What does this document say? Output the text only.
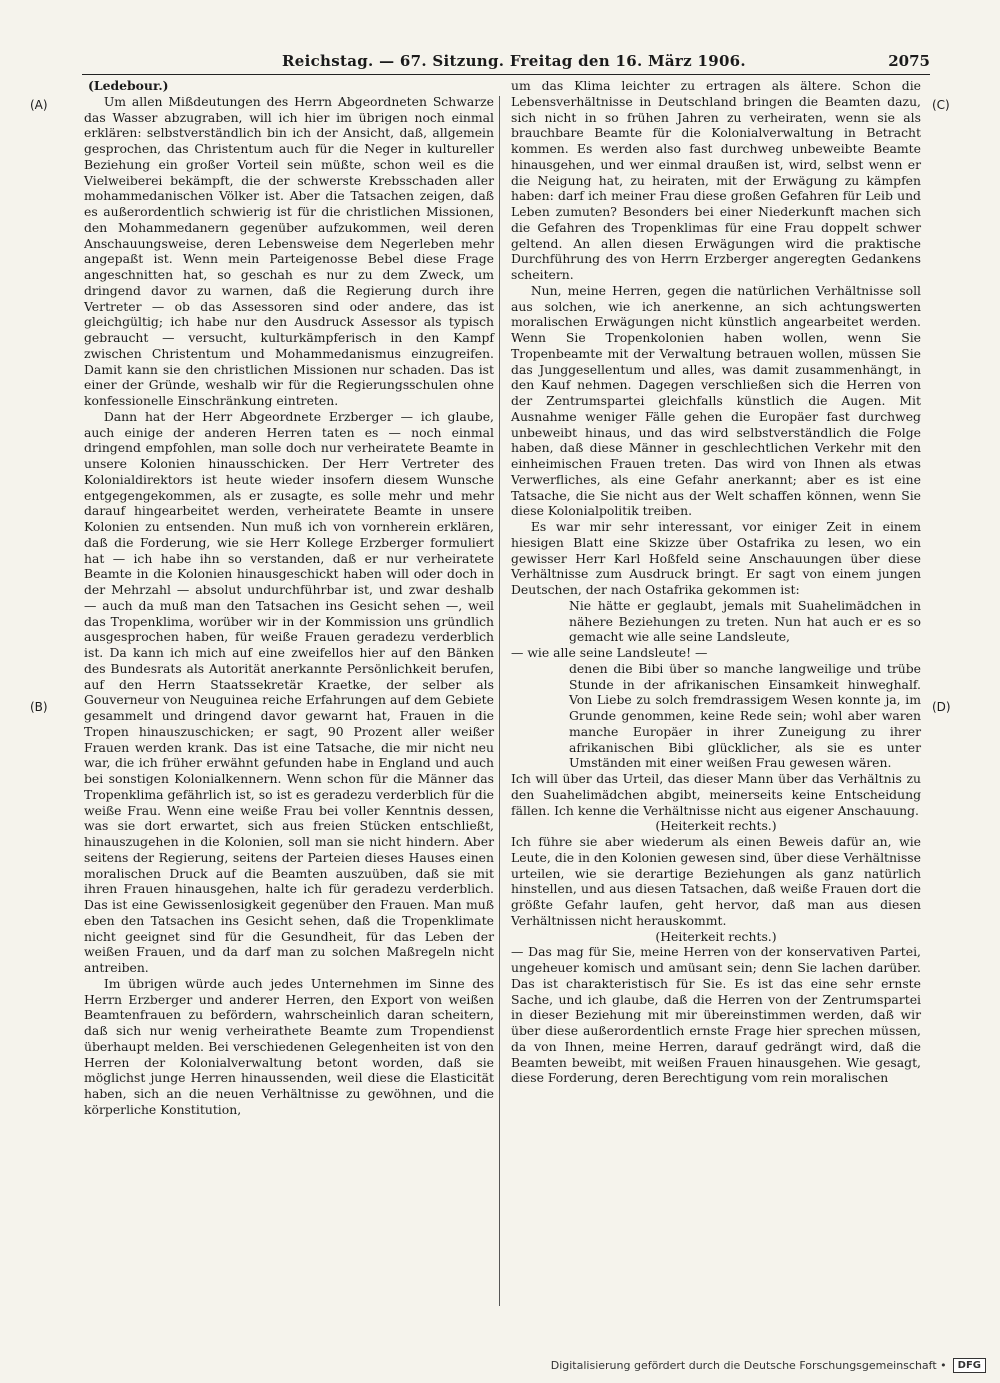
Reichstag. — 67. Sitzung. Freitag den 16. März 1906.	2075
(A)
(B)
(C)
(D)

(Ledebour.)

Um allen Mißdeutungen des Herrn Abgeordneten Schwarze das Wasser abzugraben, will ich hier im übrigen noch einmal erklären: selbstverständlich bin ich der Ansicht, daß, allgemein gesprochen, das Christentum auch für die Neger in kultureller Beziehung ein großer Vorteil sein müßte, schon weil es die Vielweiberei bekämpft, die der schwerste Krebsschaden aller mohammedanischen Völker ist. Aber die Tatsachen zeigen, daß es außerordentlich schwierig ist für die christlichen Missionen, den Mohammedanern gegenüber aufzukommen, weil deren Anschauungsweise, deren Lebensweise dem Negerleben mehr angepaßt ist. Wenn mein Parteigenosse Bebel diese Frage angeschnitten hat, so geschah es nur zu dem Zweck, um dringend davor zu warnen, daß die Regierung durch ihre Vertreter — ob das Assessoren sind oder andere, das ist gleichgültig; ich habe nur den Ausdruck Assessor als typisch gebraucht — versucht, kulturkämpferisch in den Kampf zwischen Christentum und Mohammedanismus einzugreifen. Damit kann sie den christlichen Missionen nur schaden. Das ist einer der Gründe, weshalb wir für die Regierungsschulen ohne konfessionelle Einschränkung eintreten.

Dann hat der Herr Abgeordnete Erzberger — ich glaube, auch einige der anderen Herren taten es — noch einmal dringend empfohlen, man solle doch nur verheiratete Beamte in unsere Kolonien hinausschicken. Der Herr Vertreter des Kolonialdirektors ist heute wieder insofern diesem Wunsche entgegengekommen, als er zusagte, es solle mehr und mehr darauf hingearbeitet werden, verheiratete Beamte in unsere Kolonien zu entsenden. Nun muß ich von vornherein erklären, daß die Forderung, wie sie Herr Kollege Erzberger formuliert hat — ich habe ihn so verstanden, daß er nur verheiratete Beamte in die Kolonien hinausgeschickt haben will oder doch in der Mehrzahl — absolut undurchführbar ist, und zwar deshalb — auch da muß man den Tatsachen ins Gesicht sehen —, weil das Tropenklima, worüber wir in der Kommission uns gründlich ausgesprochen haben, für weiße Frauen geradezu verderblich ist. Da kann ich mich auf eine zweifellos hier auf den Bänken des Bundesrats als Autorität anerkannte Persönlichkeit berufen, auf den Herrn Staatssekretär Kraetke, der selber als Gouverneur von Neuguinea reiche Erfahrungen auf dem Gebiete gesammelt und dringend davor gewarnt hat, Frauen in die Tropen hinauszuschicken; er sagt, 90 Prozent aller weißer Frauen werden krank. Das ist eine Tatsache, die mir nicht neu war, die ich früher erwähnt gefunden habe in England und auch bei sonstigen Kolonialkennern. Wenn schon für die Männer das Tropenklima gefährlich ist, so ist es geradezu verderblich für die weiße Frau. Wenn eine weiße Frau bei voller Kenntnis dessen, was sie dort erwartet, sich aus freien Stücken entschließt, hinauszugehen in die Kolonien, soll man sie nicht hindern. Aber seitens der Regierung, seitens der Parteien dieses Hauses einen moralischen Druck auf die Beamten auszuüben, daß sie mit ihren Frauen hinausgehen, halte ich für geradezu verderblich. Das ist eine Gewissenlosigkeit gegenüber den Frauen. Man muß eben den Tatsachen ins Gesicht sehen, daß die Tropenklimate nicht geeignet sind für die Gesundheit, für das Leben der weißen Frauen, und da darf man zu solchen Maßregeln nicht antreiben.

Im übrigen würde auch jedes Unternehmen im Sinne des Herrn Erzberger und anderer Herren, den Export von weißen Beamtenfrauen zu befördern, wahrscheinlich daran scheitern, daß sich nur wenig verheirathete Beamte zum Tropendienst überhaupt melden. Bei verschiedenen Gelegenheiten ist von den Herren der Kolonialverwaltung betont worden, daß sie möglichst junge Herren hinaussenden, weil diese die Elasticität haben, sich an die neuen Verhältnisse zu gewöhnen, und die körperliche Konstitution,

um das Klima leichter zu ertragen als ältere. Schon die Lebensverhältnisse in Deutschland bringen die Beamten dazu, sich nicht in so frühen Jahren zu verheiraten, wenn sie als brauchbare Beamte für die Kolonialverwaltung in Betracht kommen. Es werden also fast durchweg unbeweibte Beamte hinausgehen, und wer einmal draußen ist, wird, selbst wenn er die Neigung hat, zu heiraten, mit der Erwägung zu kämpfen haben: darf ich meiner Frau diese großen Gefahren für Leib und Leben zumuten? Besonders bei einer Niederkunft machen sich die Gefahren des Tropenklimas für eine Frau doppelt schwer geltend. An allen diesen Erwägungen wird die praktische Durchführung des von Herrn Erzberger angeregten Gedankens scheitern.

Nun, meine Herren, gegen die natürlichen Verhältnisse soll aus solchen, wie ich anerkenne, an sich achtungswerten moralischen Erwägungen nicht künstlich angearbeitet werden. Wenn Sie Tropenkolonien haben wollen, wenn Sie Tropenbeamte mit der Verwaltung betrauen wollen, müssen Sie das Junggesellentum und alles, was damit zusammenhängt, in den Kauf nehmen. Dagegen verschließen sich die Herren von der Zentrumspartei gleichfalls künstlich die Augen. Mit Ausnahme weniger Fälle gehen die Europäer fast durchweg unbeweibt hinaus, und das wird selbstverständlich die Folge haben, daß diese Männer in geschlechtlichen Verkehr mit den einheimischen Frauen treten. Das wird von Ihnen als etwas Verwerfliches, als eine Gefahr anerkannt; aber es ist eine Tatsache, die Sie nicht aus der Welt schaffen können, wenn Sie diese Kolonialpolitik treiben.

Es war mir sehr interessant, vor einiger Zeit in einem hiesigen Blatt eine Skizze über Ostafrika zu lesen, wo ein gewisser Herr Karl Hoßfeld seine Anschauungen über diese Verhältnisse zum Ausdruck bringt. Er sagt von einem jungen Deutschen, der nach Ostafrika gekommen ist:

Nie hätte er geglaubt, jemals mit Suahelimädchen in nähere Beziehungen zu treten. Nun hat auch er es so gemacht wie alle seine Landsleute,

— wie alle seine Landsleute! —

denen die Bibi über so manche langweilige und trübe Stunde in der afrikanischen Einsamkeit hinweghalf. Von Liebe zu solch fremdrassigem Wesen konnte ja, im Grunde genommen, keine Rede sein; wohl aber waren manche Europäer in ihrer Zuneigung zu ihrer afrikanischen Bibi glücklicher, als sie es unter Umständen mit einer weißen Frau gewesen wären.

Ich will über das Urteil, das dieser Mann über das Verhältnis zu den Suahelimädchen abgibt, meinerseits keine Entscheidung fällen. Ich kenne die Verhältnisse nicht aus eigener Anschauung.

(Heiterkeit rechts.)

Ich führe sie aber wiederum als einen Beweis dafür an, wie Leute, die in den Kolonien gewesen sind, über diese Verhältnisse urteilen, wie sie derartige Beziehungen als ganz natürlich hinstellen, und aus diesen Tatsachen, daß weiße Frauen dort die größte Gefahr laufen, geht hervor, daß man aus diesen Verhältnissen nicht herauskommt.

(Heiterkeit rechts.)

— Das mag für Sie, meine Herren von der konservativen Partei, ungeheuer komisch und amüsant sein; denn Sie lachen darüber. Das ist charakteristisch für Sie. Es ist das eine sehr ernste Sache, und ich glaube, daß die Herren von der Zentrumspartei in dieser Beziehung mit mir übereinstimmen werden, daß wir über diese außerordentlich ernste Frage hier sprechen müssen, da von Ihnen, meine Herren, darauf gedrängt wird, daß die Beamten beweibt, mit weißen Frauen hinausgehen. Wie gesagt, diese Forderung, deren Berechtigung vom rein moralischen

Digitalisierung gefördert durch die Deutsche Forschungsgemeinschaft •	DFG
